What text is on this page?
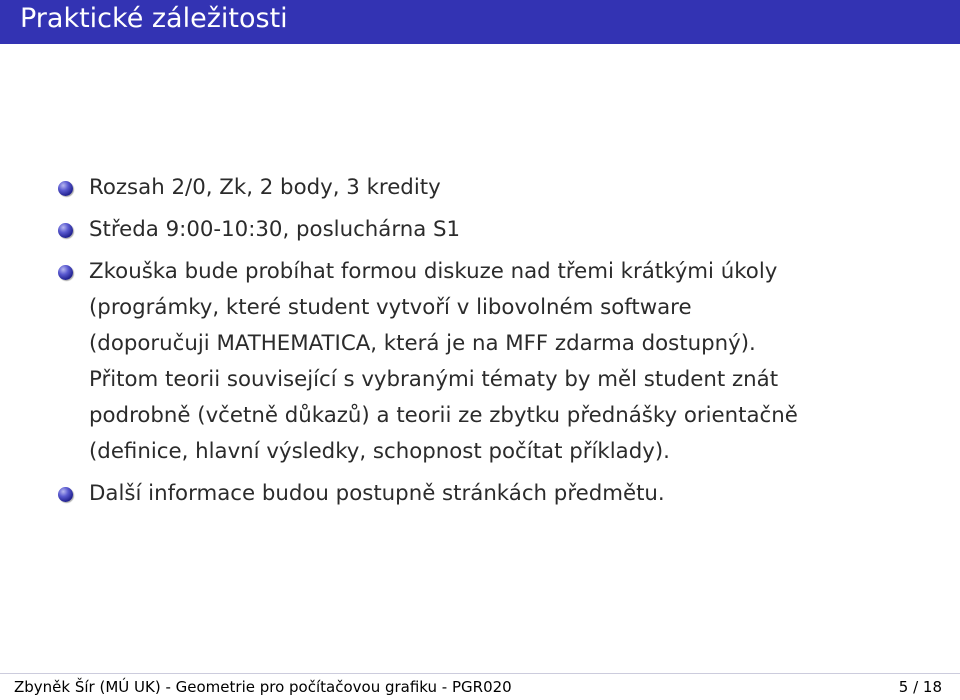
Praktické záležitosti

Rozsah 2/0, Zk, 2 body, 3 kredity

Středa 9:00-10:30, posluchárna S1

Zkouška bude probíhat formou diskuze nad třemi krátkými úkoly
(prográmky, které student vytvoří v libovolném software
(doporučuji MATHEMATICA, která je na MFF zdarma dostupný).
Přitom teorii související s vybranými tématy by měl student znát
podrobně (včetně důkazů) a teorii ze zbytku přednášky orientačně
(definice, hlavní výsledky, schopnost počítat příklady).

Další informace budou postupně stránkách předmětu.

Zbyněk Šír (MÚ UK) - Geometrie pro počítačovou grafiku - PGR020	5 / 18
